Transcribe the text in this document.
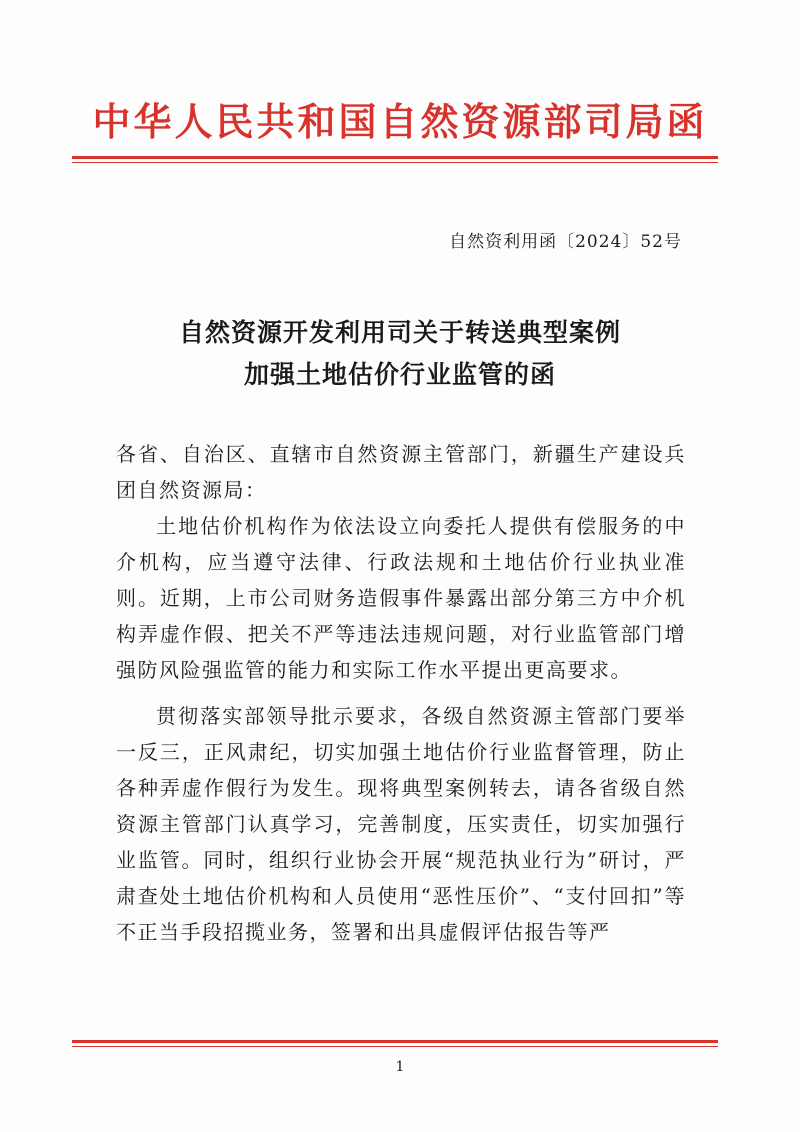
中华人民共和国自然资源部司局函
自然资利用函〔2024〕52号
自然资源开发利用司关于转送典型案例
加强土地估价行业监管的函

各省、自治区、直辖市自然资源主管部门，新疆生产建设兵团自然资源局：

土地估价机构作为依法设立向委托人提供有偿服务的中介机构，应当遵守法律、行政法规和土地估价行业执业准则。近期，上市公司财务造假事件暴露出部分第三方中介机构弄虚作假、把关不严等违法违规问题，对行业监管部门增强防风险强监管的能力和实际工作水平提出更高要求。

贯彻落实部领导批示要求，各级自然资源主管部门要举一反三，正风肃纪，切实加强土地估价行业监督管理，防止各种弄虚作假行为发生。现将典型案例转去，请各省级自然资源主管部门认真学习，完善制度，压实责任，切实加强行业监管。同时，组织行业协会开展“规范执业行为”研讨，严肃查处土地估价机构和人员使用“恶性压价”、“支付回扣”等不正当手段招揽业务，签署和出具虚假评估报告等严

1
